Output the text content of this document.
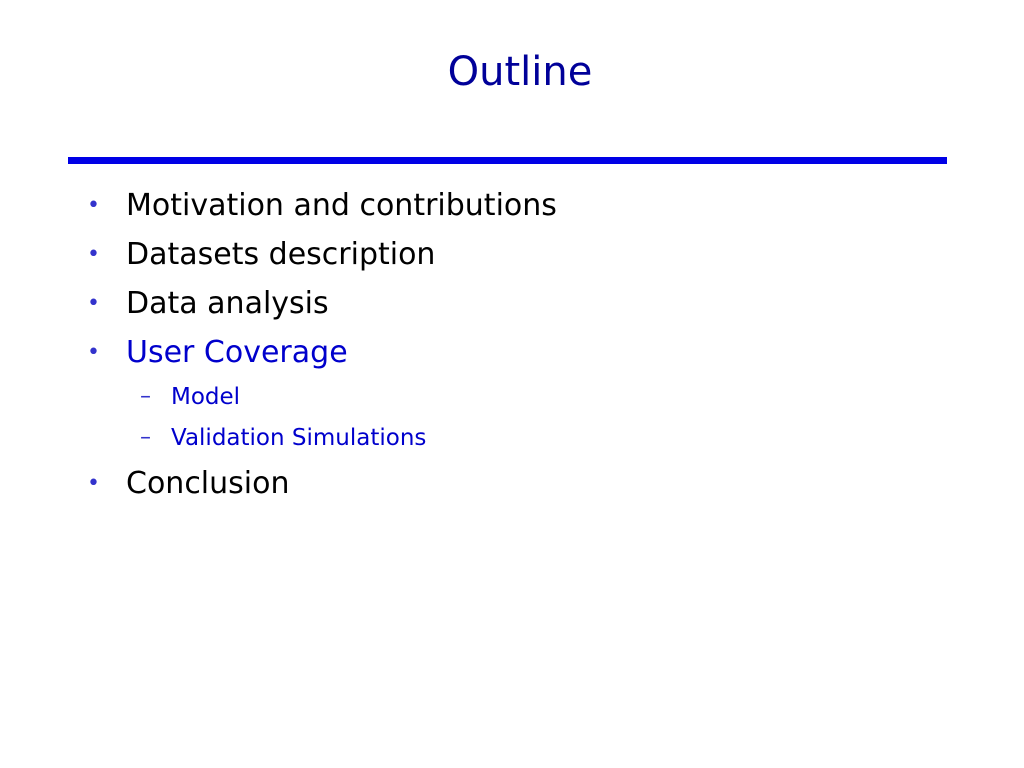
Outline
• Motivation and contributions
• Datasets description
• Data analysis
• User Coverage
– Model
– Validation Simulations
• Conclusion
